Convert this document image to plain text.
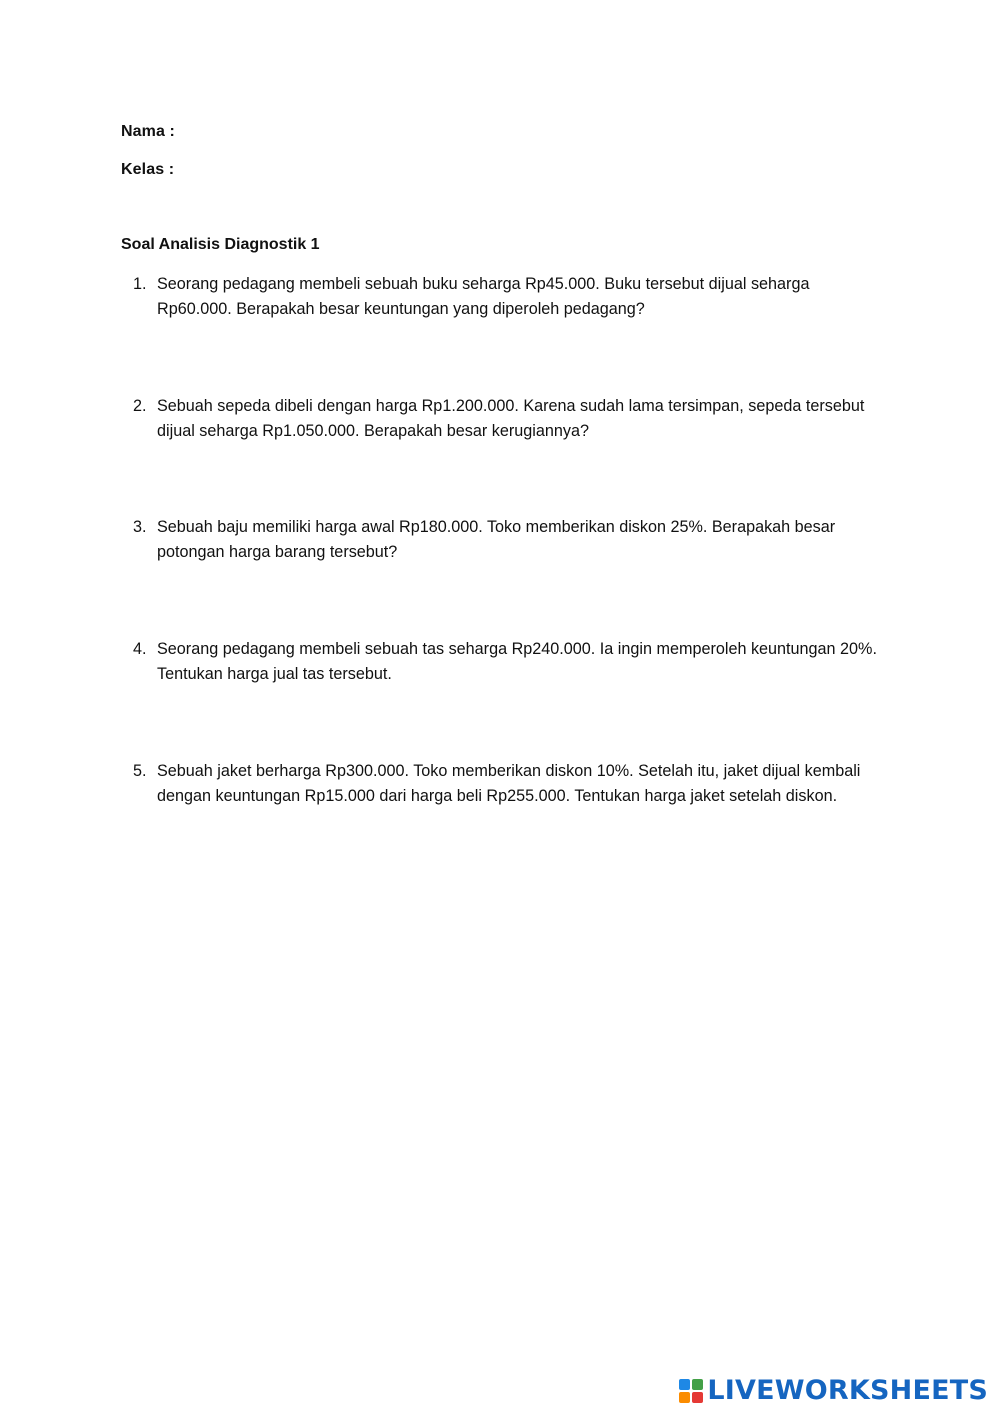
Nama :
Kelas :
Soal Analisis Diagnostik 1
1. Seorang pedagang membeli sebuah buku seharga Rp45.000. Buku tersebut dijual seharga Rp60.000. Berapakah besar keuntungan yang diperoleh pedagang?
2. Sebuah sepeda dibeli dengan harga Rp1.200.000. Karena sudah lama tersimpan, sepeda tersebut dijual seharga Rp1.050.000. Berapakah besar kerugiannya?
3. Sebuah baju memiliki harga awal Rp180.000. Toko memberikan diskon 25%. Berapakah besar potongan harga barang tersebut?
4. Seorang pedagang membeli sebuah tas seharga Rp240.000. Ia ingin memperoleh keuntungan 20%. Tentukan harga jual tas tersebut.
5. Sebuah jaket berharga Rp300.000. Toko memberikan diskon 10%. Setelah itu, jaket dijual kembali dengan keuntungan Rp15.000 dari harga beli Rp255.000. Tentukan harga jaket setelah diskon.
LIVEWORKSHEETS
